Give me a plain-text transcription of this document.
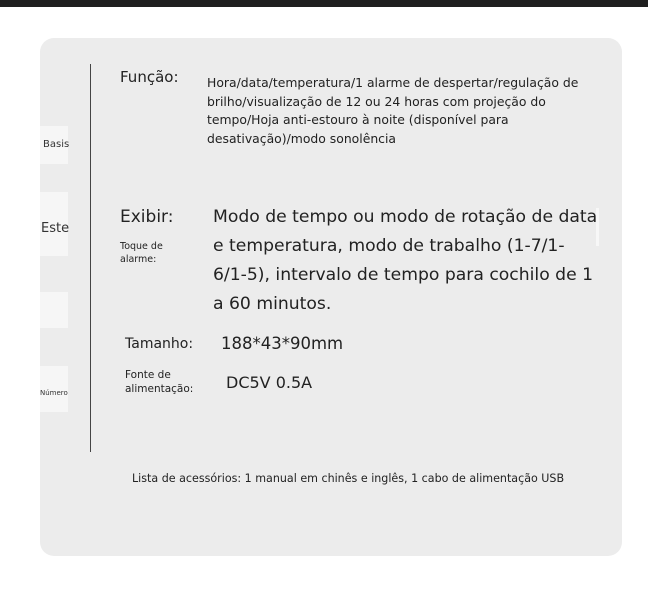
Basis
Este
Número
Função: Hora/data/temperatura/1 alarme de despertar/regulação de brilho/visualização de 12 ou 24 horas com projeção do tempo/Hoja anti-estouro à noite (disponível para desativação)/modo sonolência
Exibir:
Toque de
alarme:
Modo de tempo ou modo de rotação de data e temperatura, modo de trabalho (1-7/1-6/1-5), intervalo de tempo para cochilo de 1 a 60 minutos.
Tamanho: 188*43*90mm
Fonte de
alimentação: DC5V 0.5A
Lista de acessórios: 1 manual em chinês e inglês, 1 cabo de alimentação USB
